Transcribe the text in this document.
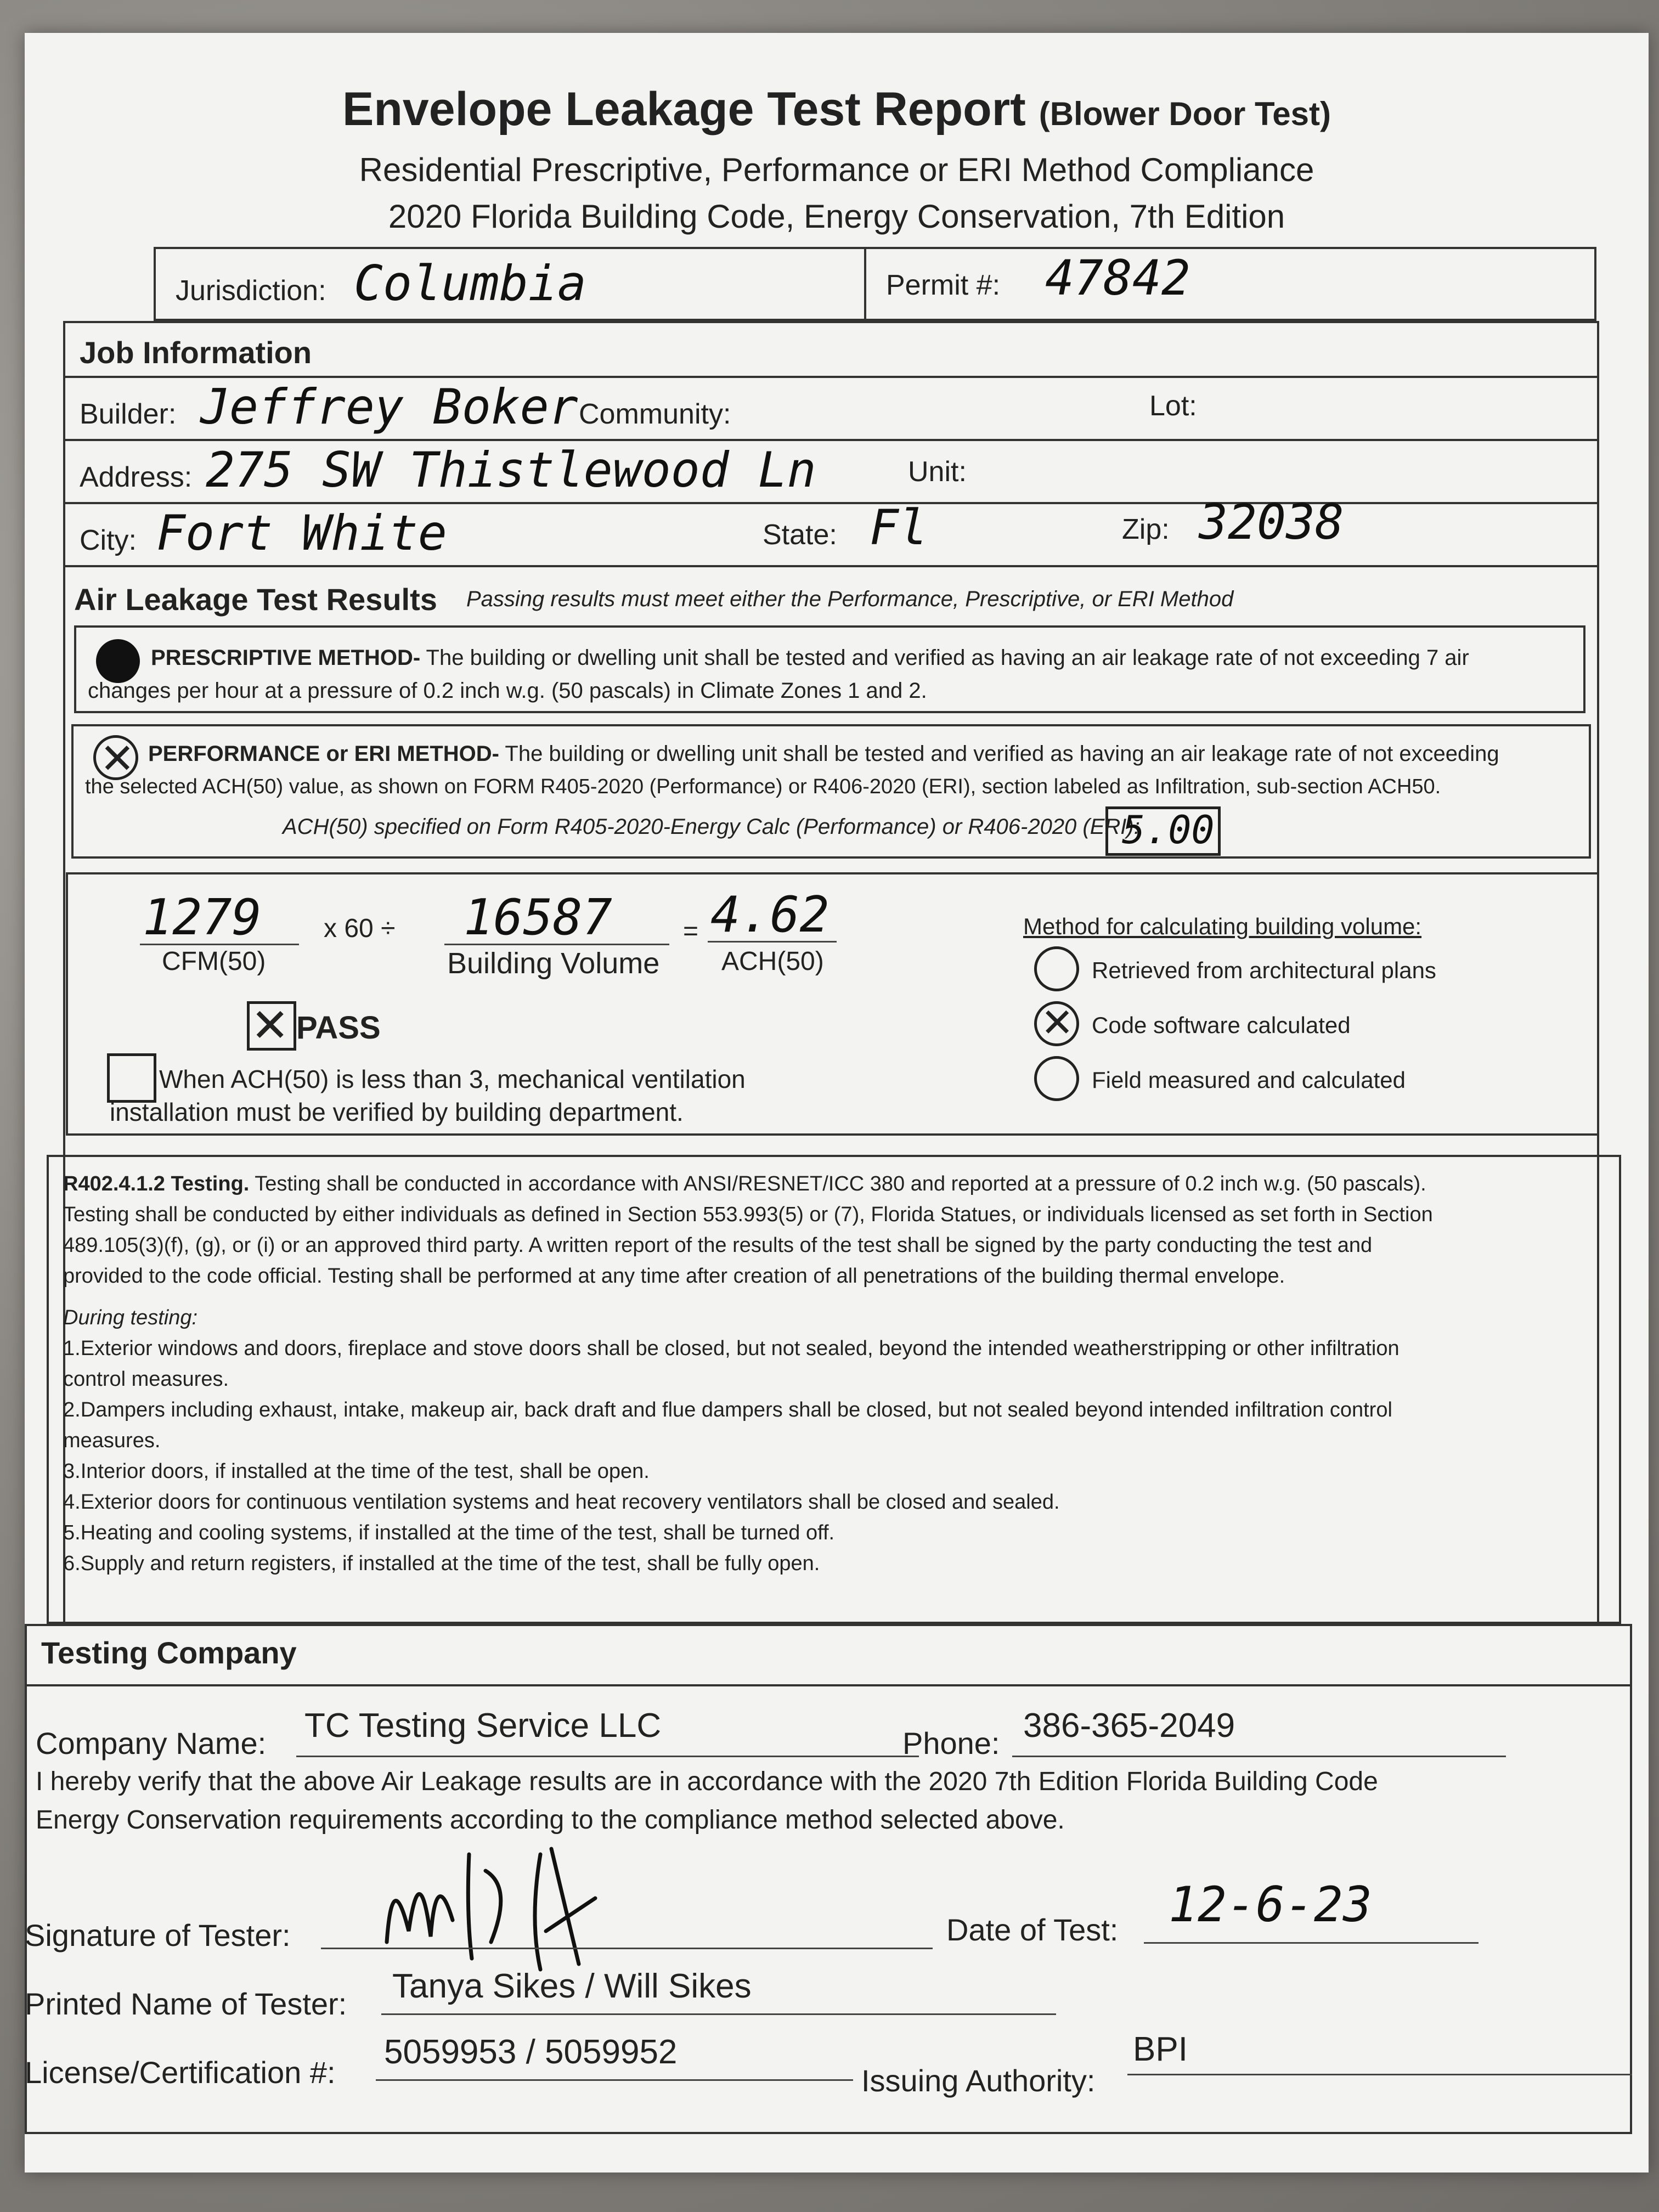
Envelope Leakage Test Report (Blower Door Test)
Residential Prescriptive, Performance or ERI Method Compliance
2020 Florida Building Code, Energy Conservation, 7th Edition
Jurisdiction: Columbia	Permit #: 47842
Job Information
Builder: Jeffrey Boker Community:	Lot:
Address: 275 SW Thistlewood Ln	Unit:
City: Fort White	State: Fl	Zip: 32038
Air Leakage Test Results Passing results must meet either the Performance, Prescriptive, or ERI Method
PRESCRIPTIVE METHOD- The building or dwelling unit shall be tested and verified as having an air leakage rate of not exceeding 7 air
changes per hour at a pressure of 0.2 inch w.g. (50 pascals) in Climate Zones 1 and 2.
✕ PERFORMANCE or ERI METHOD- The building or dwelling unit shall be tested and verified as having an air leakage rate of not exceeding
the selected ACH(50) value, as shown on FORM R405-2020 (Performance) or R406-2020 (ERI), section labeled as Infiltration, sub-section ACH50.
ACH(50) specified on Form R405-2020-Energy Calc (Performance) or R406-2020 (ERI):
5.00
1279
CFM(50)
x 60 ÷ 16587
Building Volume
= 4.62
ACH(50)
✕ PASS
When ACH(50) is less than 3, mechanical ventilation
installation must be verified by building department.
Method for calculating building volume:
Retrieved from architectural plans
✕ Code software calculated
Field measured and calculated
R402.4.1.2 Testing. Testing shall be conducted in accordance with ANSI/RESNET/ICC 380 and reported at a pressure of 0.2 inch w.g. (50 pascals).
Testing shall be conducted by either individuals as defined in Section 553.993(5) or (7), Florida Statues, or individuals licensed as set forth in Section
489.105(3)(f), (g), or (i) or an approved third party. A written report of the results of the test shall be signed by the party conducting the test and
provided to the code official. Testing shall be performed at any time after creation of all penetrations of the building thermal envelope.
During testing:
1.Exterior windows and doors, fireplace and stove doors shall be closed, but not sealed, beyond the intended weatherstripping or other infiltration
control measures.
2.Dampers including exhaust, intake, makeup air, back draft and flue dampers shall be closed, but not sealed beyond intended infiltration control
measures.
3.Interior doors, if installed at the time of the test, shall be open.
4.Exterior doors for continuous ventilation systems and heat recovery ventilators shall be closed and sealed.
5.Heating and cooling systems, if installed at the time of the test, shall be turned off.
6.Supply and return registers, if installed at the time of the test, shall be fully open.
Testing Company
Company Name: TC Testing Service LLC	Phone: 386-365-2049
I hereby verify that the above Air Leakage results are in accordance with the 2020 7th Edition Florida Building Code
Energy Conservation requirements according to the compliance method selected above.
Signature of Tester:	Date of Test: 12-6-23
Printed Name of Tester: Tanya Sikes / Will Sikes
License/Certification #:
5059953 / 5059952
Issuing Authority:
BPI
